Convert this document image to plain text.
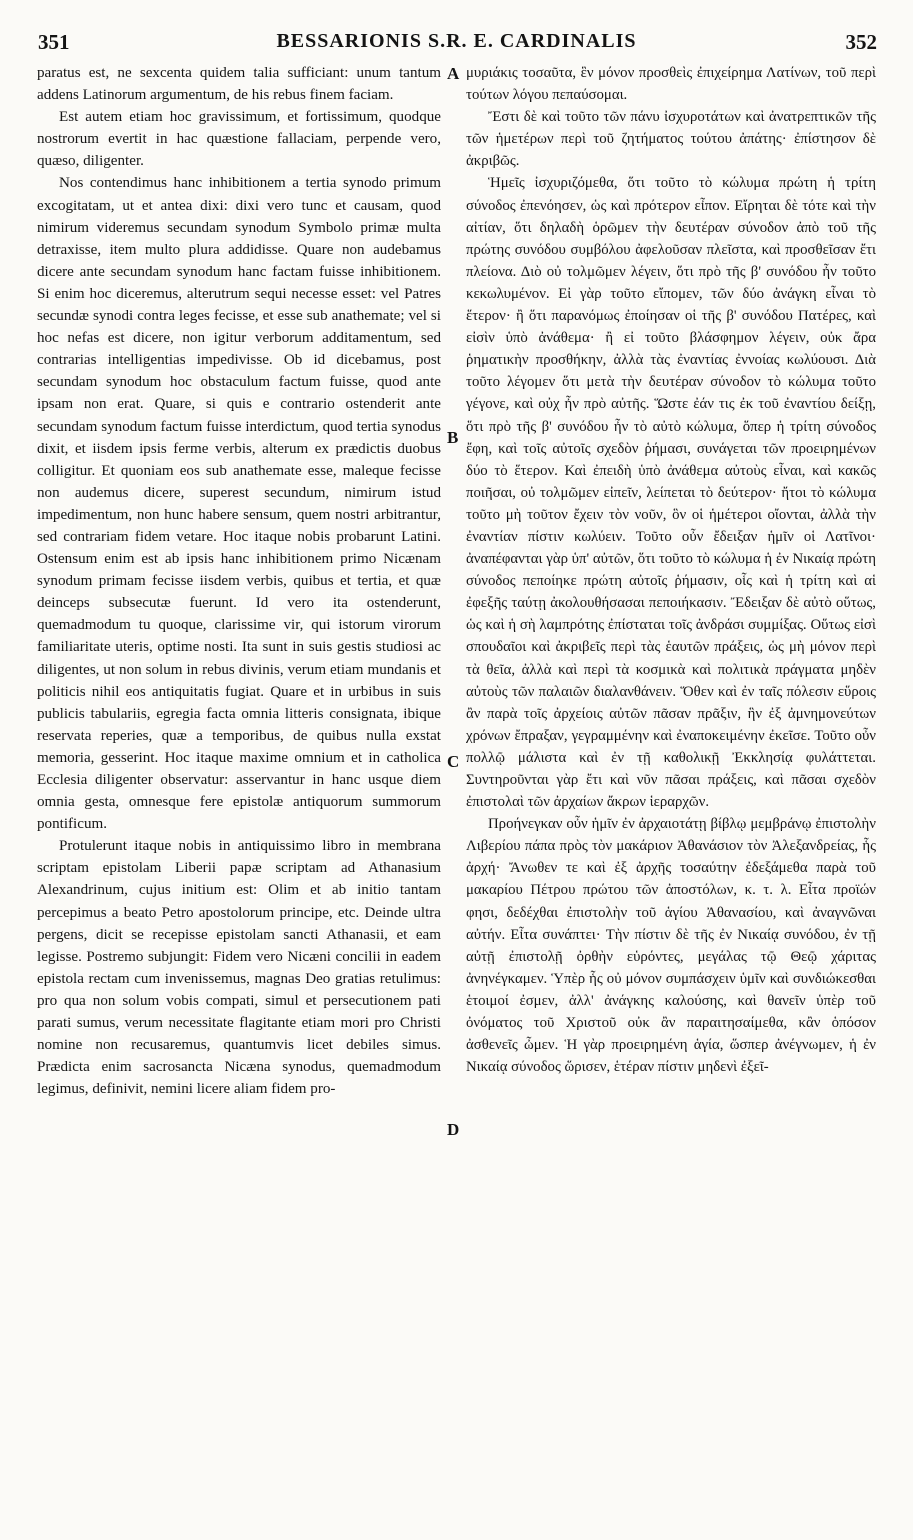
351	BESSARIONIS S.R. E. CARDINALIS	352

paratus est, ne sexcenta quidem talia sufficiant: unum tantum addens Latinorum argumentum, de his rebus finem faciam.

Est autem etiam hoc gravissimum, et fortissimum, quodque nostrorum evertit in hac quæstione fallaciam, perpende vero, quæso, diligenter.

Nos contendimus hanc inhibitionem a tertia synodo primum excogitatam, ut et antea dixi: dixi vero tunc et causam, quod nimirum videremus secundam synodum Symbolo primæ multa detraxisse, item multo plura addidisse. Quare non audebamus dicere ante secundam synodum hanc factam fuisse inhibitionem. Si enim hoc diceremus, alterutrum sequi necesse esset: vel Patres secundæ synodi contra leges fecisse, et esse sub anathemate; vel si hoc nefas est dicere, non igitur verborum additamentum, sed contrarias intelligentias impedivisse. Ob id dicebamus, post secundam synodum hoc obstaculum factum fuisse, quod ante ipsam non erat. Quare, si quis e contrario ostenderit ante secundam synodum factum fuisse interdictum, quod tertia synodus dixit, et iisdem ipsis ferme verbis, alterum ex prædictis duobus colligitur. Et quoniam eos sub anathemate esse, maleque fecisse non audemus dicere, superest secundum, nimirum istud impedimentum, non hunc habere sensum, quem nostri arbitrantur, sed contrariam fidem vetare. Hoc itaque nobis probarunt Latini. Ostensum enim est ab ipsis hanc inhibitionem primo Nicænam synodum primam fecisse iisdem verbis, quibus et tertia, et quæ deinceps subsecutæ fuerunt. Id vero ita ostenderunt, quemadmodum tu quoque, clarissime vir, qui istorum virorum familiaritate uteris, optime nosti. Ita sunt in suis gestis studiosi ac diligentes, ut non solum in rebus divinis, verum etiam mundanis et politicis nihil eos antiquitatis fugiat. Quare et in urbibus in suis publicis tabulariis, egregia facta omnia litteris consignata, ibique reservata reperies, quæ a temporibus, de quibus nulla exstat memoria, gesserint. Hoc itaque maxime omnium et in catholica Ecclesia diligenter observatur: asservantur in hanc usque diem omnia gesta, omnesque fere epistolæ antiquorum summorum pontificum.

Protulerunt itaque nobis in antiquissimo libro in membrana scriptam epistolam Liberii papæ scriptam ad Athanasium Alexandrinum, cujus initium est: Olim et ab initio tantam percepimus a beato Petro apostolorum principe, etc. Deinde ultra pergens, dicit se recepisse epistolam sancti Athanasii, et eam legisse. Postremo subjungit: Fidem vero Nicæni concilii in eadem epistola rectam cum invenissemus, magnas Deo gratias retulimus: pro qua non solum vobis compati, simul et persecutionem pati parati sumus, verum necessitate flagitante etiam mori pro Christi nomine non recusaremus, quantumvis licet debiles simus. Prædicta enim sacrosancta Nicæna synodus, quemadmodum legimus, definivit, nemini licere aliam fidem pro-

A
B
C
D

μυριάκις τοσαῦτα, ἓν μόνον προσθεὶς ἐπιχείρημα Λατίνων, τοῦ περὶ τούτων λόγου πεπαύσομαι.

Ἔστι δὲ καὶ τοῦτο τῶν πάνυ ἰσχυροτάτων καὶ ἀνατρεπτικῶν τῆς τῶν ἡμετέρων περὶ τοῦ ζητήματος τούτου ἀπάτης· ἐπίστησον δὲ ἀκριβῶς.

Ἡμεῖς ἰσχυριζόμεθα, ὅτι τοῦτο τὸ κώλυμα πρώτη ἡ τρίτη σύνοδος ἐπενόησεν, ὡς καὶ πρότερον εἶπον. Εἴρηται δὲ τότε καὶ τὴν αἰτίαν, ὅτι δηλαδὴ ὁρῶμεν τὴν δευτέραν σύνοδον ἀπὸ τοῦ τῆς πρώτης συνόδου συμβόλου ἀφελοῦσαν πλεῖστα, καὶ προσθεῖσαν ἔτι πλείονα. Διὸ οὐ τολμῶμεν λέγειν, ὅτι πρὸ τῆς β' συνόδου ἦν τοῦτο κεκωλυμένον. Εἰ γὰρ τοῦτο εἴπομεν, τῶν δύο ἀνάγκη εἶναι τὸ ἕτερον· ἢ ὅτι παρανόμως ἐποίησαν οἱ τῆς β' συνόδου Πατέρες, καὶ εἰσὶν ὑπὸ ἀνάθεμα· ἢ εἰ τοῦτο βλάσφημον λέγειν, οὐκ ἄρα ῥηματικὴν προσθήκην, ἀλλὰ τὰς ἐναντίας ἐννοίας κωλύουσι. Διὰ τοῦτο λέγομεν ὅτι μετὰ τὴν δευτέραν σύνοδον τὸ κώλυμα τοῦτο γέγονε, καὶ οὐχ ἦν πρὸ αὐτῆς. Ὥστε ἐάν τις ἐκ τοῦ ἐναντίου δείξῃ, ὅτι πρὸ τῆς β' συνόδου ἦν τὸ αὐτὸ κώλυμα, ὅπερ ἡ τρίτη σύνοδος ἔφη, καὶ τοῖς αὐτοῖς σχεδὸν ῥήμασι, συνάγεται τῶν προειρημένων δύο τὸ ἕτερον. Καὶ ἐπειδὴ ὑπὸ ἀνάθεμα αὐτοὺς εἶναι, καὶ κακῶς ποιῆσαι, οὐ τολμῶμεν εἰπεῖν, λείπεται τὸ δεύτερον· ἤτοι τὸ κώλυμα τοῦτο μὴ τοῦτον ἔχειν τὸν νοῦν, ὃν οἱ ἡμέτεροι οἴονται, ἀλλὰ τὴν ἐναντίαν πίστιν κωλύειν. Τοῦτο οὖν ἔδειξαν ἡμῖν οἱ Λατῖνοι· ἀναπέφανται γὰρ ὑπ' αὐτῶν, ὅτι τοῦτο τὸ κώλυμα ἡ ἐν Νικαίᾳ πρώτη σύνοδος πεποίηκε πρώτη αὐτοῖς ῥήμασιν, οἷς καὶ ἡ τρίτη καὶ αἱ ἐφεξῆς ταύτῃ ἀκολουθήσασαι πεποιήκασιν. Ἔδειξαν δὲ αὐτὸ οὕτως, ὡς καὶ ἡ σὴ λαμπρότης ἐπίσταται τοῖς ἀνδράσι συμμίξας. Οὕτως εἰσὶ σπουδαῖοι καὶ ἀκριβεῖς περὶ τὰς ἑαυτῶν πράξεις, ὡς μὴ μόνον περὶ τὰ θεῖα, ἀλλὰ καὶ περὶ τὰ κοσμικὰ καὶ πολιτικὰ πράγματα μηδὲν αὐτοὺς τῶν παλαιῶν διαλανθάνειν. Ὅθεν καὶ ἐν ταῖς πόλεσιν εὕροις ἂν παρὰ τοῖς ἀρχείοις αὐτῶν πᾶσαν πρᾶξιν, ἣν ἐξ ἀμνημονεύτων χρόνων ἔπραξαν, γεγραμμένην καὶ ἐναποκειμένην ἐκεῖσε. Τοῦτο οὖν πολλῷ μάλιστα καὶ ἐν τῇ καθολικῇ Ἐκκλησίᾳ φυλάττεται. Συντηροῦνται γὰρ ἔτι καὶ νῦν πᾶσαι πράξεις, καὶ πᾶσαι σχεδὸν ἐπιστολαὶ τῶν ἀρχαίων ἄκρων ἱεραρχῶν.

Προήνεγκαν οὖν ἡμῖν ἐν ἀρχαιοτάτῃ βίβλῳ μεμβράνῳ ἐπιστολὴν Λιβερίου πάπα πρὸς τὸν μακάριον Ἀθανάσιον τὸν Ἀλεξανδρείας, ἧς ἀρχή· Ἄνωθεν τε καὶ ἐξ ἀρχῆς τοσαύτην ἐδεξάμεθα παρὰ τοῦ μακαρίου Πέτρου πρώτου τῶν ἀποστόλων, κ. τ. λ. Εἶτα προϊών φησι, δεδέχθαι ἐπιστολὴν τοῦ ἁγίου Ἀθανασίου, καὶ ἀναγνῶναι αὐτήν. Εἶτα συνάπτει· Τὴν πίστιν δὲ τῆς ἐν Νικαίᾳ συνόδου, ἐν τῇ αὐτῇ ἐπιστολῇ ὀρθὴν εὑρόντες, μεγάλας τῷ Θεῷ χάριτας ἀνηνέγκαμεν. Ὑπὲρ ἧς οὐ μόνον συμπάσχειν ὑμῖν καὶ συνδιώκεσθαι ἑτοιμοί ἐσμεν, ἀλλ' ἀνάγκης καλούσης, καὶ θανεῖν ὑπὲρ τοῦ ὀνόματος τοῦ Χριστοῦ οὐκ ἂν παραιτησαίμεθα, κἂν ὁπόσον ἀσθενεῖς ὦμεν. Ἡ γὰρ προειρημένη ἁγία, ὥσπερ ἀνέγνωμεν, ἡ ἐν Νικαίᾳ σύνοδος ὥρισεν, ἑτέραν πίστιν μηδενὶ ἐξεῖ-
